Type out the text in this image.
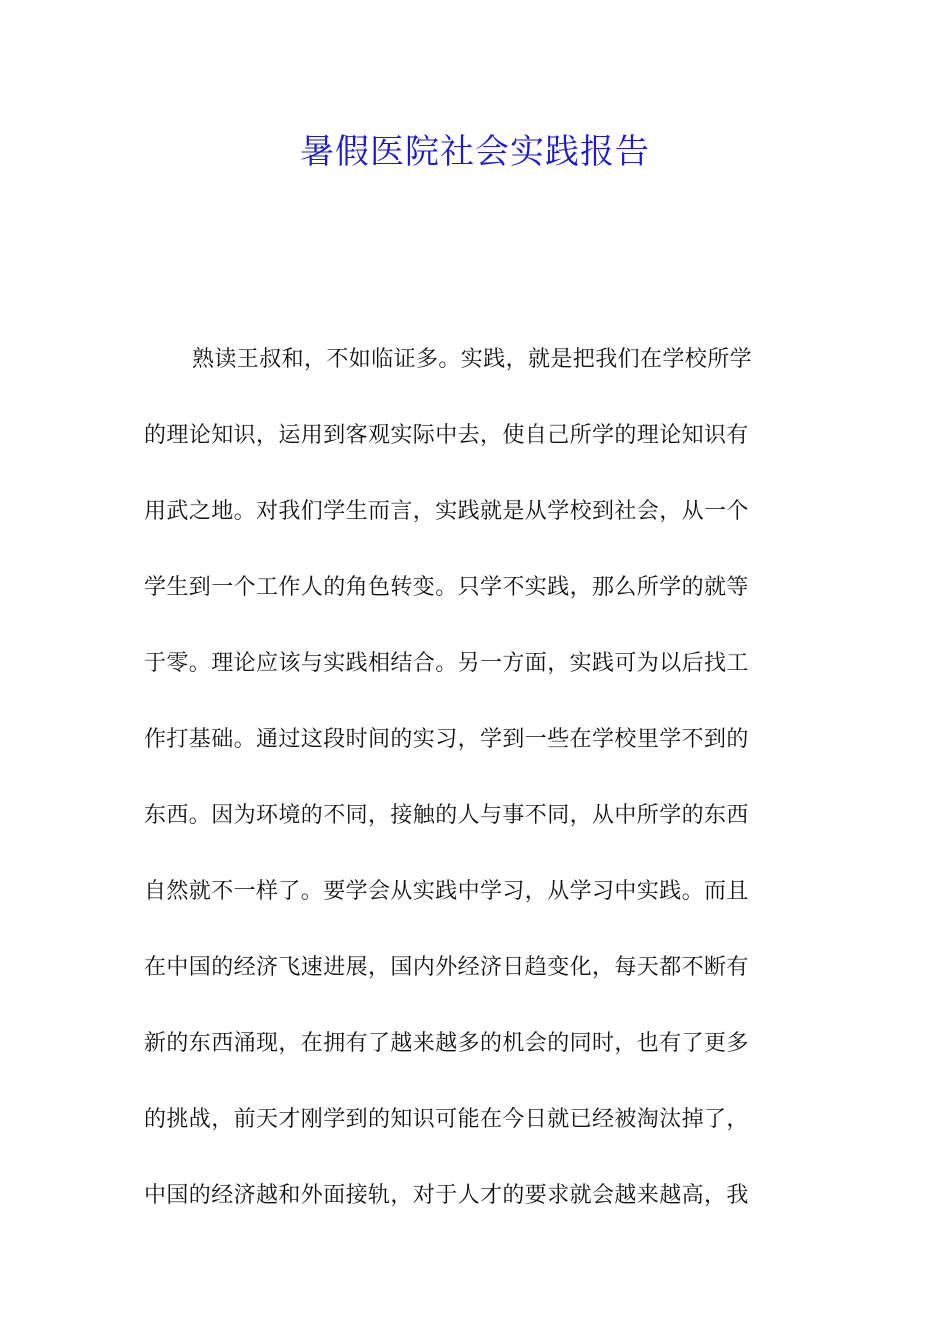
暑假医院社会实践报告
熟读王叔和，不如临证多。实践，就是把我们在学校所学
的理论知识，运用到客观实际中去，使自己所学的理论知识有
用武之地。对我们学生而言，实践就是从学校到社会，从一个
学生到一个工作人的角色转变。只学不实践，那么所学的就等
于零。理论应该与实践相结合。另一方面，实践可为以后找工
作打基础。通过这段时间的实习，学到一些在学校里学不到的
东西。因为环境的不同，接触的人与事不同，从中所学的东西
自然就不一样了。要学会从实践中学习，从学习中实践。而且
在中国的经济飞速进展，国内外经济日趋变化，每天都不断有
新的东西涌现，在拥有了越来越多的机会的同时，也有了更多
的挑战，前天才刚学到的知识可能在今日就已经被淘汰掉了，
中国的经济越和外面接轨，对于人才的要求就会越来越高，我
